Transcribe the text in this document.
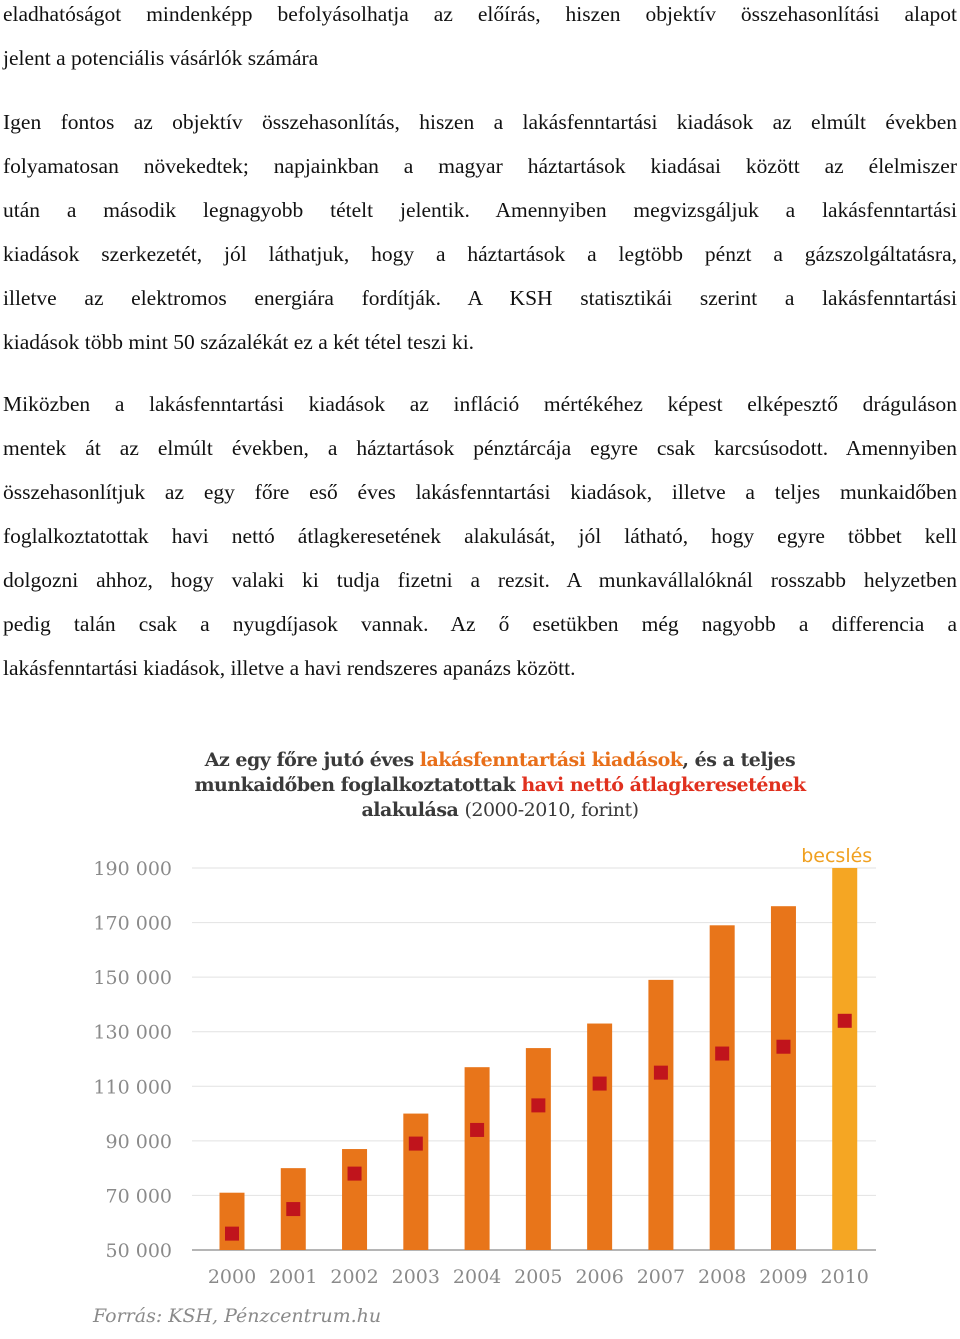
eladhatóságot mindenképp befolyásolhatja az előírás, hiszen objektív összehasonlítási alapot
jelent a potenciális vásárlók számára
Igen fontos az objektív összehasonlítás, hiszen a lakásfenntartási kiadások az elmúlt években
folyamatosan növekedtek; napjainkban a magyar háztartások kiadásai között az élelmiszer
után a második legnagyobb tételt jelentik. Amennyiben megvizsgáljuk a lakásfenntartási
kiadások szerkezetét, jól láthatjuk, hogy a háztartások a legtöbb pénzt a gázszolgáltatásra,
illetve az elektromos energiára fordítják. A KSH statisztikái szerint a lakásfenntartási
kiadások több mint 50 százalékát ez a két tétel teszi ki.
Miközben a lakásfenntartási kiadások az infláció mértékéhez képest elképesztő dráguláson
mentek át az elmúlt években, a háztartások pénztárcája egyre csak karcsúsodott. Amennyiben
összehasonlítjuk az egy főre eső éves lakásfenntartási kiadások, illetve a teljes munkaidőben
foglalkoztatottak havi nettó átlagkeresetének alakulását, jól látható, hogy egyre többet kell
dolgozni ahhoz, hogy valaki ki tudja fizetni a rezsit. A munkavállalóknál rosszabb helyzetben
pedig talán csak a nyugdíjasok vannak. Az ő esetükben még nagyobb a differencia a
lakásfenntartási kiadások, illetve a havi rendszeres apanázs között.
Az egy főre jutó éves lakásfenntartási kiadások, és a teljes
munkaidőben foglalkoztatottak havi nettó átlagkeresetének
alakulása (2000-2010, forint)
50 000
70 000
90 000
110 000
130 000
150 000
170 000
190 000
2000 2001 2002 2003 2004 2005 2006 2007 2008 2009 2010
becslés
Forrás: KSH, Pénzcentrum.hu
